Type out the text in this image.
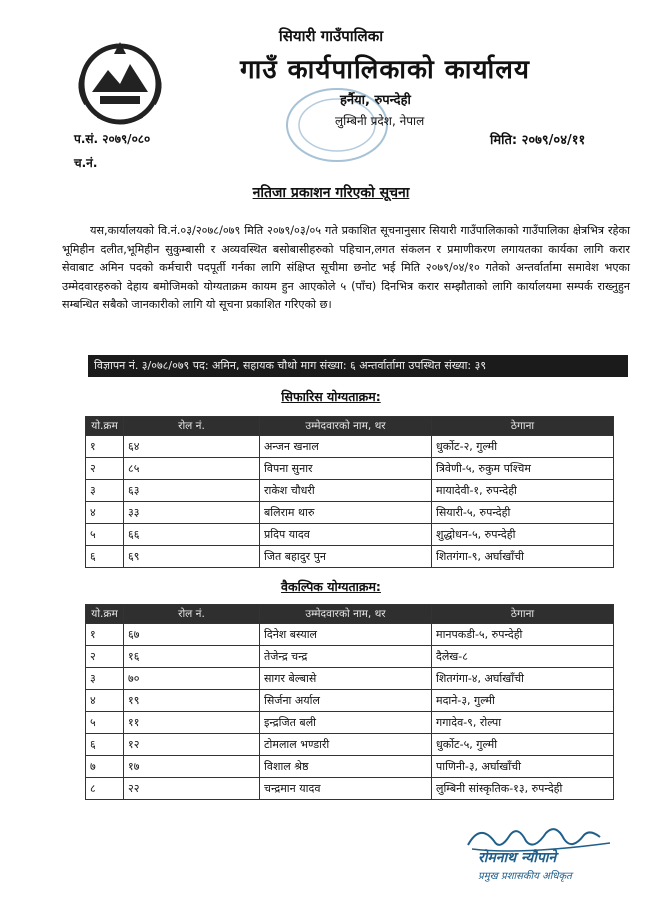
सियारी गाउँपालिका
गाउँ कार्यपालिकाको कार्यालय
हर्नैया, रुपन्देही
लुम्बिनी प्रदेश, नेपाल
प.सं. २०७९/०८०
च.नं.
मिति: २०७९/०४/११
नतिजा प्रकाशन गरिएको सूचना
यस,कार्यालयको वि.नं.०३/२०७८/०७९ मिति २०७९/०३/०५ गते प्रकाशित सूचनानुसार सियारी गाउँपालिकाको गाउँपालिका क्षेत्रभित्र रहेका भूमिहीन दलीत,भूमिहीन सुकुम्बासी र अव्यवस्थित बसोबासीहरुको पहिचान,लगत संकलन र प्रमाणीकरण लगायतका कार्यका लागि करार सेवाबाट अमिन पदको कर्मचारी पदपूर्ती गर्नका लागि संक्षिप्त सूचीमा छनोट भई मिति २०७९/०४/१० गतेको अन्तर्वार्तामा समावेश भएका उम्मेदवारहरुको देहाय बमोजिमको योग्यताक्रम कायम हुन आएकोले ५ (पाँच) दिनभित्र करार सम्झौताको लागि कार्यालयमा सम्पर्क राख्नुहुन सम्बन्धित सबैको जानकारीको लागि यो सूचना प्रकाशित गरिएको छ।
विज्ञापन नं. ३/०७८/०७९ पद: अमिन, सहायक चौथो माग संख्या: ६ अन्तर्वार्तामा उपस्थित संख्या: ३९
सिफारिस योग्यताक्रम:
यो.क्रम	रोल नं.	उम्मेदवारको नाम, थर	ठेगाना
१	६४	अन्जन खनाल	धुर्कोट-२, गुल्मी
२	८५	विपना सुनार	त्रिवेणी-५, रुकुम पश्चिम
३	६३	राकेश चौधरी	मायादेवी-१, रुपन्देही
४	३३	बलिराम थारु	सियारी-५, रुपन्देही
५	६६	प्रदिप यादव	शुद्धोधन-५, रुपन्देही
६	६९	जित बहादुर पुन	शितगंगा-९, अर्घाखाँची
वैकल्पिक योग्यताक्रम:
यो.क्रम	रोल नं.	उम्मेदवारको नाम, थर	ठेगाना
१	६७	दिनेश बस्याल	मानपकडी-५, रुपन्देही
२	१६	तेजेन्द्र चन्द्र	दैलेख-८
३	७०	सागर बेल्बासे	शितगंगा-४, अर्घाखाँची
४	१९	सिर्जना अर्याल	मदाने-३, गुल्मी
५	११	इन्द्रजित बली	गगादेव-९, रोल्पा
६	१२	टोमलाल भण्डारी	धुर्कोट-५, गुल्मी
७	१७	विशाल श्रेष्ठ	पाणिनी-३, अर्घाखाँची
८	२२	चन्द्रमान यादव	लुम्बिनी सांस्कृतिक-१३, रुपन्देही
रोमनाथ न्यौपाने
प्रमुख प्रशासकीय अधिकृत
